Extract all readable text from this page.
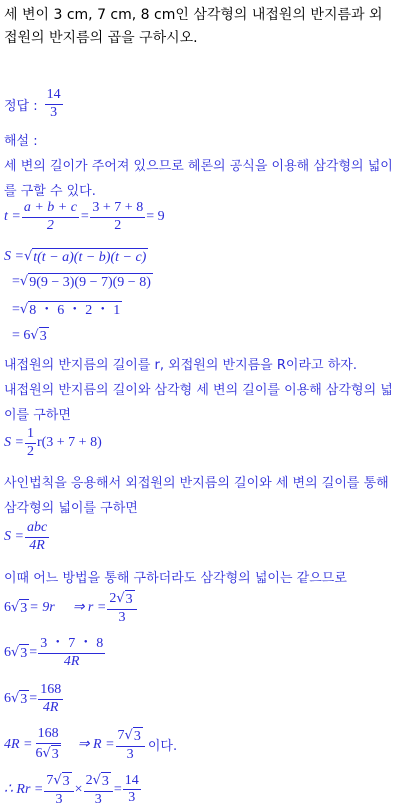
세 변이 3 cm, 7 cm, 8 cm인 삼각형의 내접원의 반지름과 외
접원의 반지름의 곱을 구하시오.
정답 : $\frac{14}{3}$
해설 :
세 변의 길이가 주어져 있으므로 헤론의 공식을 이용해 삼각형의 넓이
를 구할 수 있다.
$t = \frac{a + b + c}{2} = \frac{3 + 7 + 8}{2} = 9$
S = √ t(t − a)(t − b)(t − c)
= √ 9(9 − 3)(9 − 7)(9 − 8)
= √ 8 ・ 6 ・ 2 ・ 1
= 6 √ 3
내접원의 반지름의 길이를 r, 외접원의 반지름을 R이라고 하자.
내접원의 반지름의 길이와 삼각형 세 변의 길이를 이용해 삼각형의 넓
이를 구하면
$S = \frac{1}{2} r(3 + 7 + 8)$
사인법칙을 응용해서 외접원의 반지름의 길이와 세 변의 길이를 통해
삼각형의 넓이를 구하면
$S = \frac{\text{abc}}{4R}$
이때 어느 방법을 통해 구하더라도 삼각형의 넓이는 같으므로
6 √ 3 = 9r ⇒ $r = \frac{2 √ 3}{3}$
6 √ $3 = \frac{3 ・ 7 ・ 8}{4R}$
6 √ $3 = \frac{168}{4R}$
$4R = \frac{168}{6 √ 3}$ ⇒ $R = \frac{7 √ 3}{3}$ 이다.
∴ $Rr = \frac{7 √ 3}{3} \times \frac{2 √ 3}{3} = \frac{14}{3}$
